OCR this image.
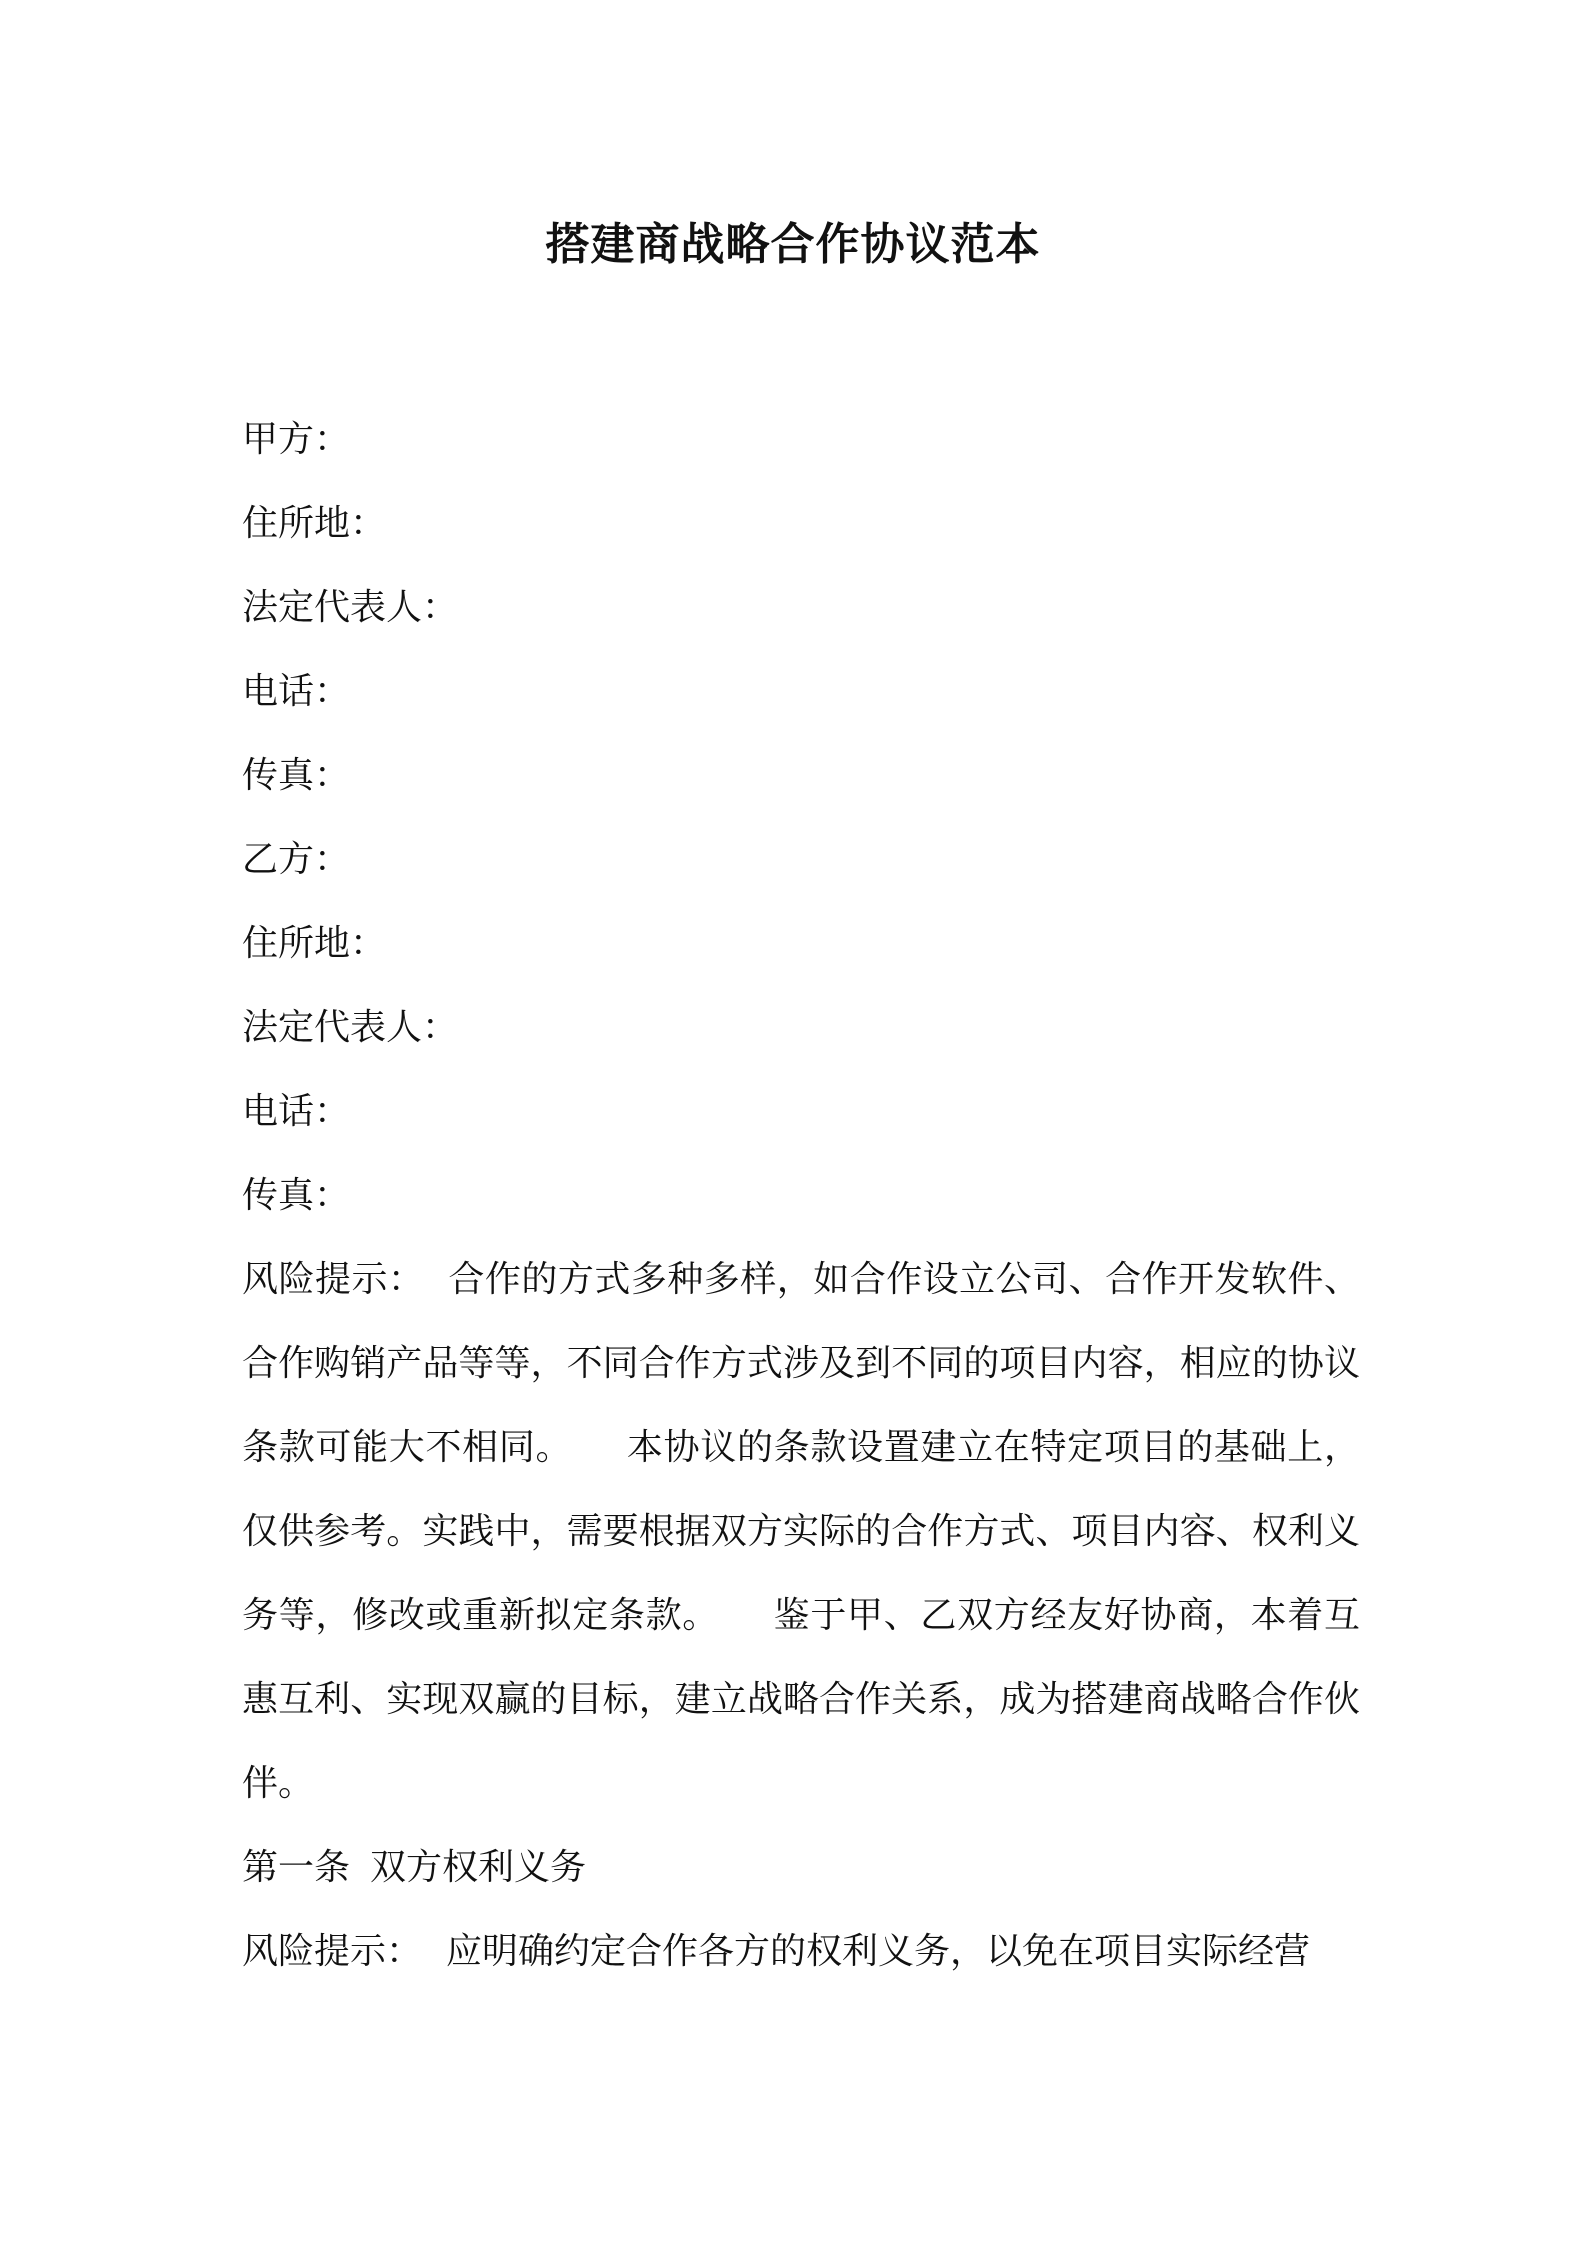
搭建商战略合作协议范本
甲方：
住所地：
法定代表人：
电话：
传真：
乙方：
住所地：
法定代表人：
电话：
传真：

风险提示： 合作的方式多种多样，如合作设立公司、合作开发软件、合作购销产品等等，不同合作方式涉及到不同的项目内容，相应的协议条款可能大不相同。 本协议的条款设置建立在特定项目的基础上，仅供参考。实践中，需要根据双方实际的合作方式、项目内容、权利义务等，修改或重新拟定条款。 鉴于甲、乙双方经友好协商，本着互惠互利、实现双赢的目标，建立战略合作关系，成为搭建商战略合作伙伴。

第一条 双方权利义务
风险提示： 应明确约定合作各方的权利义务，以免在项目实际经营
